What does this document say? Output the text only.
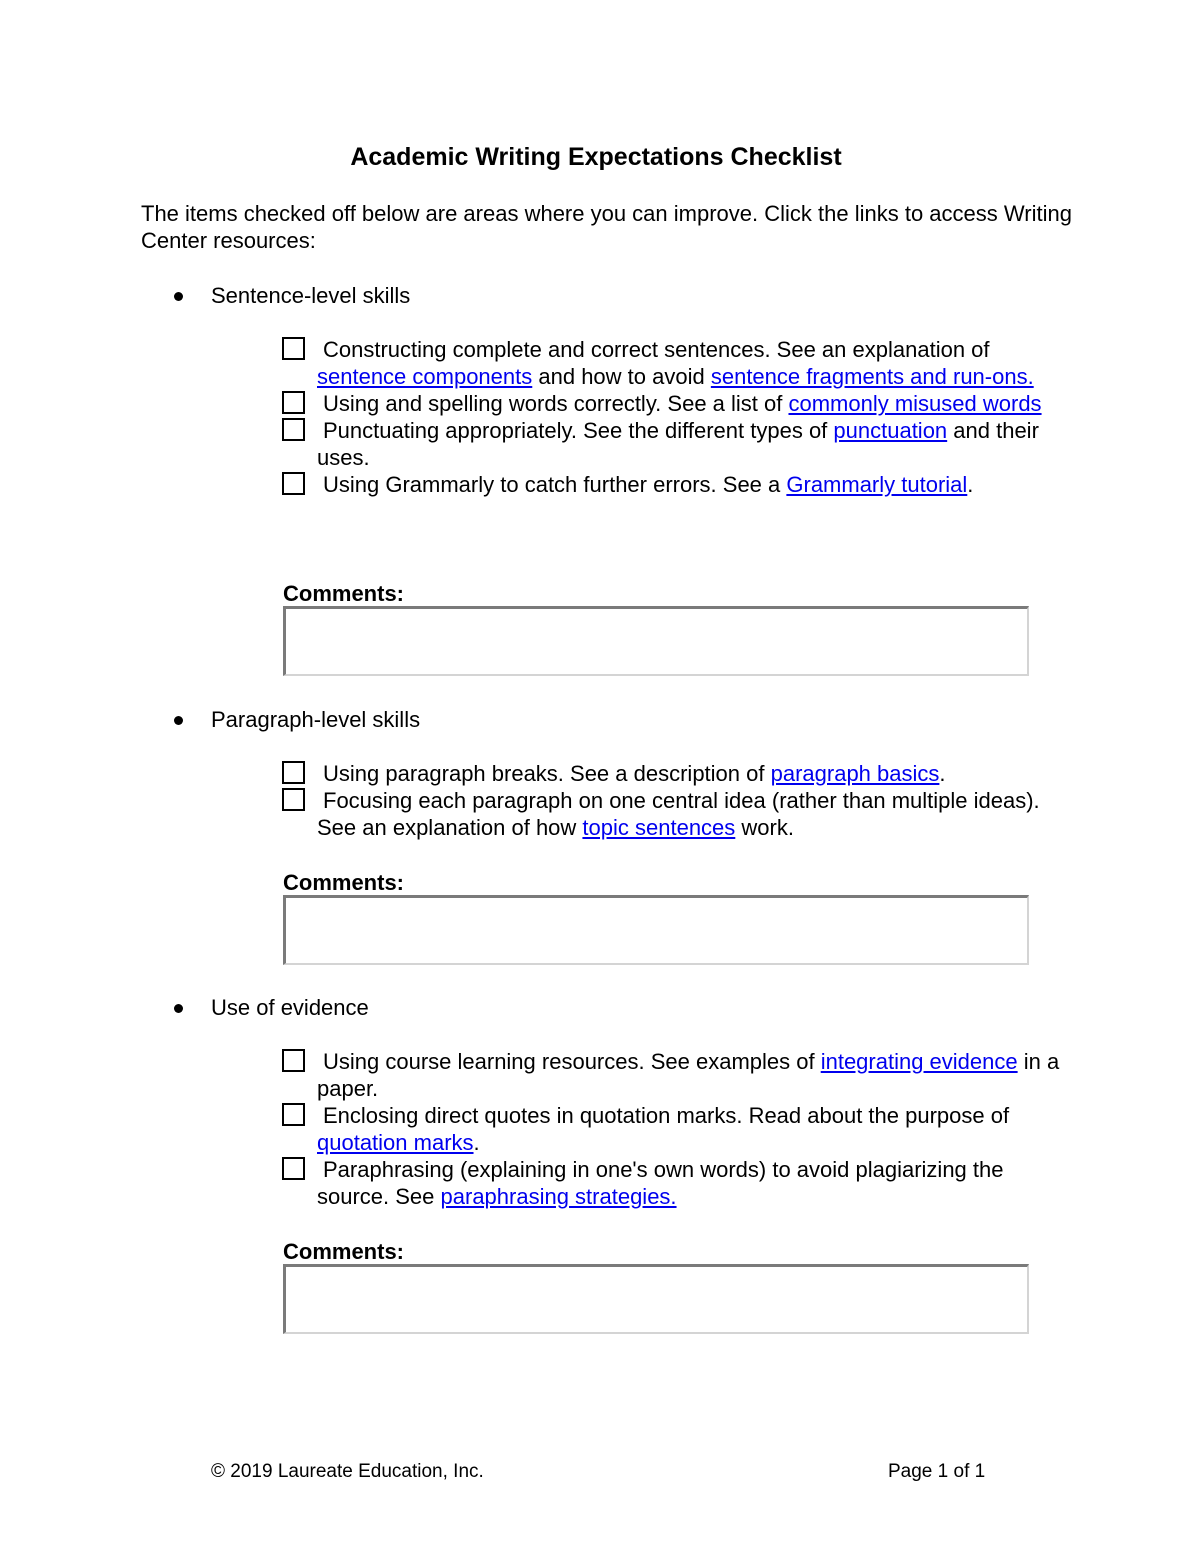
Academic Writing Expectations Checklist

The items checked off below are areas where you can improve. Click the links to access Writing Center resources:

Sentence-level skills
Constructing complete and correct sentences. See an explanation of sentence components and how to avoid sentence fragments and run-ons.
Using and spelling words correctly. See a list of commonly misused words
Punctuating appropriately. See the different types of punctuation and their uses.
Using Grammarly to catch further errors. See a Grammarly tutorial.
Comments:
Paragraph-level skills
Using paragraph breaks. See a description of paragraph basics.
Focusing each paragraph on one central idea (rather than multiple ideas). See an explanation of how topic sentences work.
Comments:
Use of evidence
Using course learning resources. See examples of integrating evidence in a paper.
Enclosing direct quotes in quotation marks. Read about the purpose of quotation marks.
Paraphrasing (explaining in one's own words) to avoid plagiarizing the source. See paraphrasing strategies.
Comments:
© 2019 Laureate Education, Inc.	Page 1 of 1
